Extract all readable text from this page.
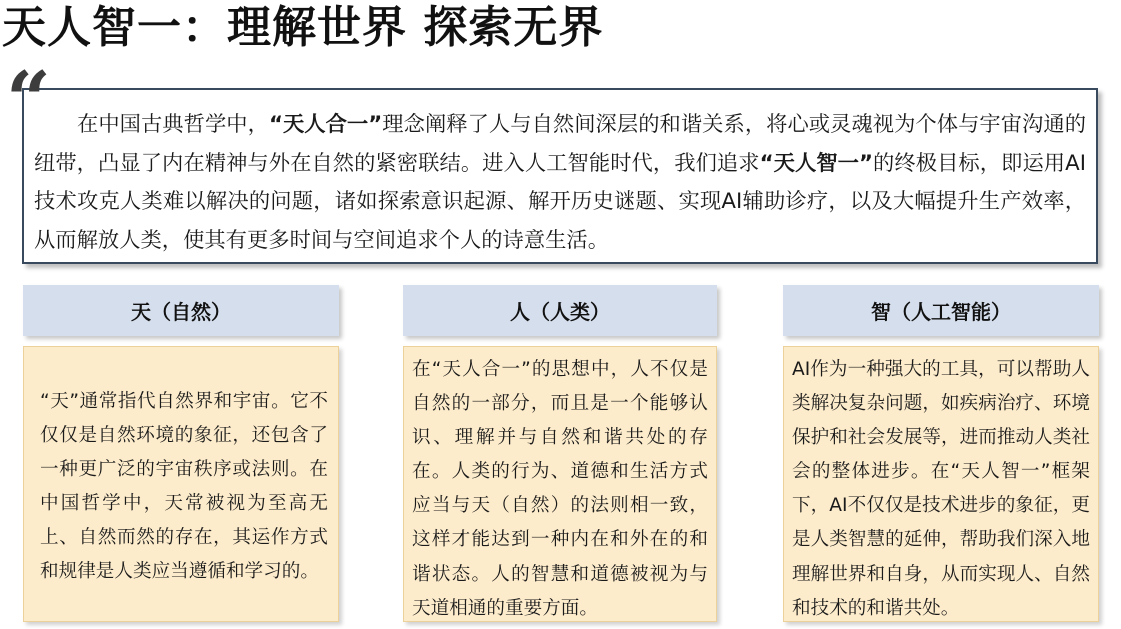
天人智一：理解世界 探索无界

在中国古典哲学中，“天人合一”理念阐释了人与自然间深层的和谐关系，将心或灵魂视为个体与宇宙沟通的纽带，凸显了内在精神与外在自然的紧密联结。进入人工智能时代，我们追求“天人智一”的终极目标，即运用AI技术攻克人类难以解决的问题，诸如探索意识起源、解开历史谜题、实现AI辅助诊疗，以及大幅提升生产效率，从而解放人类，使其有更多时间与空间追求个人的诗意生活。

“
天（自然）	人（人类）	智（人工智能）
“天”通常指代自然界和宇宙。它不仅仅是自然环境的象征，还包含了一种更广泛的宇宙秩序或法则。在中国哲学中，天常被视为至高无上、自然而然的存在，其运作方式和规律是人类应当遵循和学习的。
在“天人合一”的思想中，人不仅是自然的一部分，而且是一个能够认识、理解并与自然和谐共处的存在。人类的行为、道德和生活方式应当与天（自然）的法则相一致，这样才能达到一种内在和外在的和谐状态。人的智慧和道德被视为与天道相通的重要方面。
AI作为一种强大的工具，可以帮助人类解决复杂问题，如疾病治疗、环境保护和社会发展等，进而推动人类社会的整体进步。在“天人智一”框架下，AI不仅仅是技术进步的象征，更是人类智慧的延伸，帮助我们深入地理解世界和自身，从而实现人、自然和技术的和谐共处。
